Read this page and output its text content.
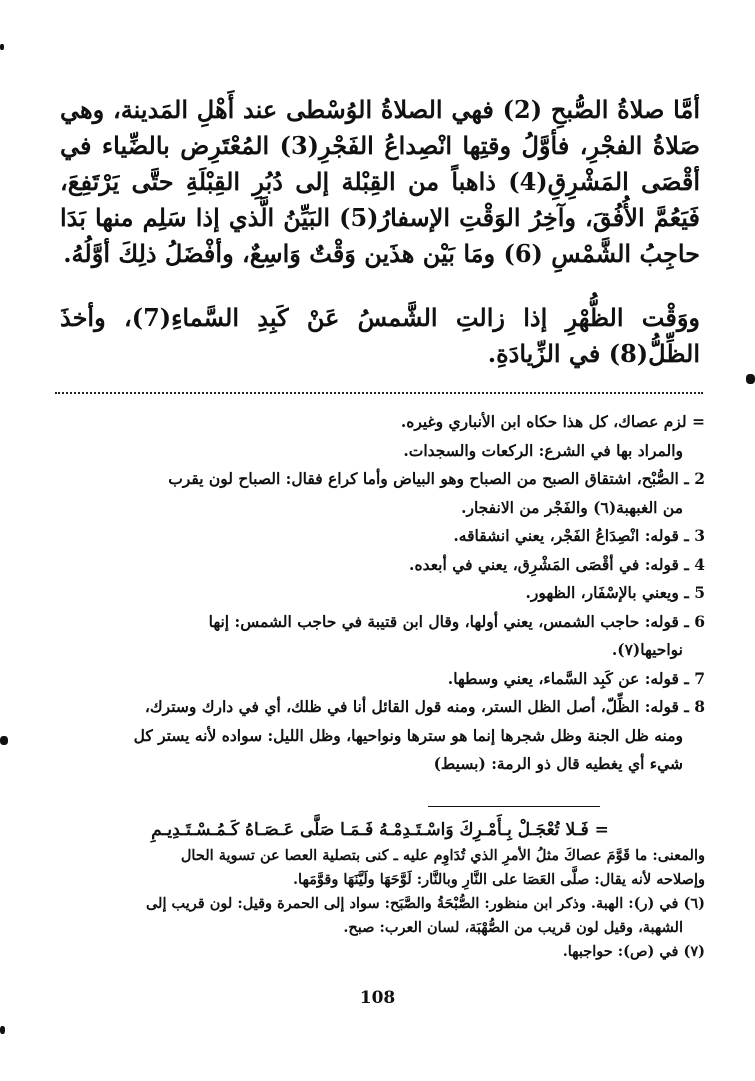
أمَّا صلاةُ الصُّبحِ (2) فهي الصلاةُ الوُسْطى عند أَهْلِ المَدينة، وهي صَلاةُ الفجْرِ، فأوَّلُ وقتِها انْصِداعُ الفَجْرِ(3) المُعْتَرِض بالضِّياء في أقْصَى المَشْرِقِ(4) ذاهباً من القِبْلة إلى دُبُرِ القِبْلَةِ حتَّى يَرْتَفِعَ، فَيَعُمَّ الأُفُقَ، وآخِرُ الوَقْتِ الإسفارُ(5) البَيِّنُ الَّذي إذا سَلِم منها بَدَا حاجِبُ الشَّمْسِ (6) ومَا بَيْن هذَين وَقْتٌ وَاسِعٌ، وأفْضَلُ ذلِكَ أوَّلُهُ.
ووَقْت الظُّهْرِ إذا زالتِ الشَّمسُ عَنْ كَبِدِ السَّماءِ(7)، وأخذَ الظِّلُّ(8) في الزِّيادَةِ.

= لزم عصاك، كل هذا حكاه ابن الأنباري وغيره.

والمراد بها في الشرع: الركعات والسجدات.

2 ـ الصُّبْح، اشتقاق الصبح من الصباح وهو البياض وأما كراع فقال: الصباح لون يقرب

من الغبهبة(٦) والفَجْر من الانفجار.

3 ـ قوله: انْصِدَاعُ الفَجْر، يعني انشقاقه.

4 ـ قوله: في أقْصَى المَشْرِق، يعني في أبعده.

5 ـ ويعني بالإسْفَار، الظهور.

6 ـ قوله: حاجب الشمس، يعني أولها، وقال ابن قتيبة في حاجب الشمس: إنها

نواحيها(٧).

7 ـ قوله: عن كَبِد السَّماء، يعني وسطها.

8 ـ قوله: الظِّلّ، أصل الظل الستر، ومنه قول القائل أنا في ظلك، أي في دارك وسترك،

ومنه ظل الجنة وظل شجرها إنما هو سترها ونواحيها، وظل الليل: سواده لأنه يستر كل

شيء أي يغطيه قال ذو الرمة: (بسيط)

= فَـلا تُعْجَـلْ بِـأَمْـرِكَ وَاسْـتَـدِمْـهُ فَـمَـا صَلَّى عَـصَـاهُ كَـمُـسْـتَـدِيـمِ

والمعنى: ما قَوَّمَ عصاكَ مثلُ الأمرِ الذي تُدَاوِم عليه ـ كنى بتصلية العصا عن تسوية الحال

وإصلاحه لأنه يقال: صلَّى العَصَا على النَّارِ وبالنَّار: لَوَّحَهَا ولَيَّنَهَا وقوَّمَها.

(٦) في (ر): الهبة. وذكر ابن منظور: الصُّبْحَةُ والصَّبَح: سواد إلى الحمرة وقيل: لون قريب إلى

الشهبة، وقيل لون قريب من الصُّهْبَة، لسان العرب: صبح.

(٧) في (ص): حواجبها.

108
